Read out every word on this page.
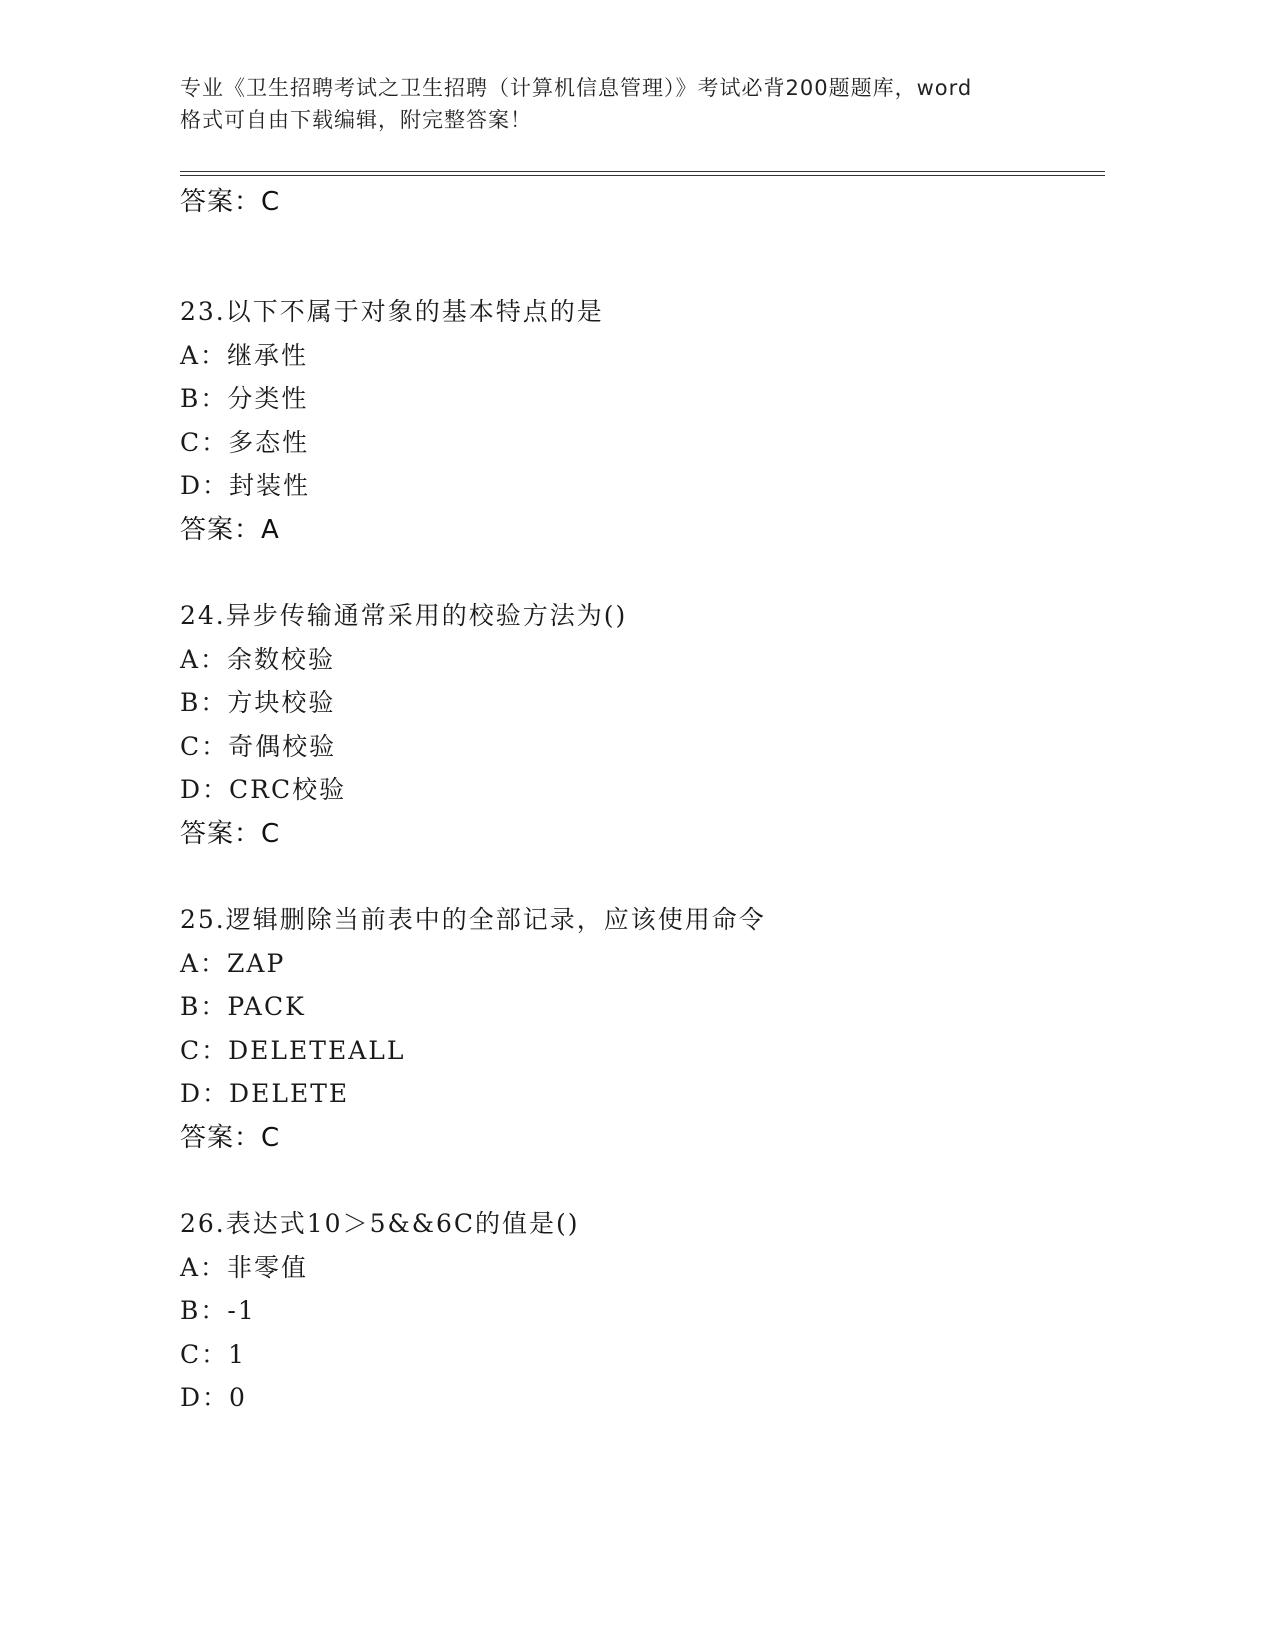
专业《卫生招聘考试之卫生招聘（计算机信息管理）》考试必背200题题库，word
格式可自由下载编辑，附完整答案！
答案：C
23.以下不属于对象的基本特点的是
A：继承性
B：分类性
C：多态性
D：封装性
答案：A
24.异步传输通常采用的校验方法为()
A：余数校验
B：方块校验
C：奇偶校验
D：CRC校验
答案：C
25.逻辑删除当前表中的全部记录，应该使用命令
A：ZAP
B：PACK
C：DELETEALL
D：DELETE
答案：C
26.表达式10＞5&&6C的值是()
A：非零值
B：-1
C：1
D：0
